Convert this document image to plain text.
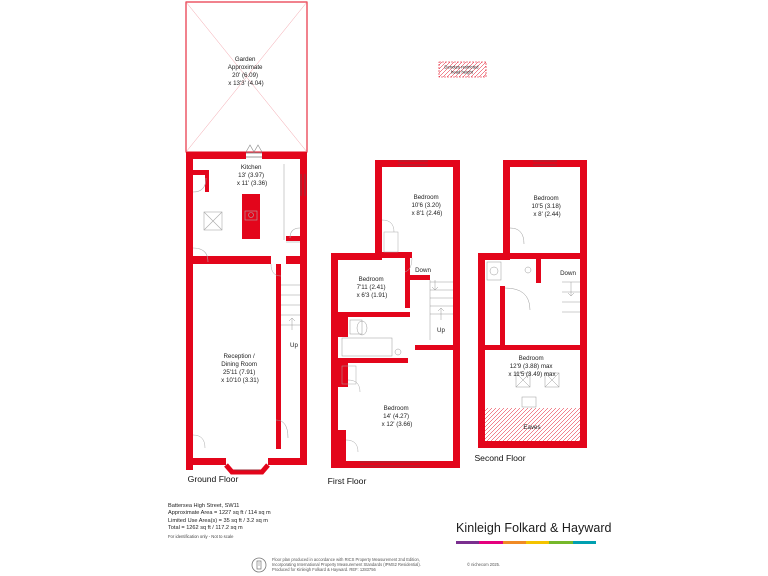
Garden Approximate 20' (6.09) x 13'3' (4.04)
Kitchen 13' (3.97) x 11' (3.36)
Reception / Dining Room 25'11 (7.91) x 10'10 (3.31)
Up
Ground Floor
Bedroom 10'6 (3.20) x 8'1 (2.46)
Bedroom 7'11 (2.41) x 6'3 (1.91)
Bedroom 14' (4.27) x 12' (3.66)
Down
Up
First Floor
Bedroom 10'5 (3.18) x 8' (2.44)
Bedroom 12'9 (3.88) max x 11'5 (3.49) max
Down
Eaves
Second Floor
Denotes restricted head height
Battersea High Street, SW11
Approximate Area = 1227 sq ft / 114 sq m
Limited Use Area(s) = 35 sq ft / 3.2 sq m
Total = 1262 sq ft / 117.2 sq m
For identification only - Not to scale
Kinleigh Folkard & Hayward
Floor plan produced in accordance with RICS Property Measurement 2nd Edition,
Incorporating International Property Measurement Standards (IPMS2 Residential).
Produced for Kinleigh Folkard & Hayward. REF: 1283756
© nichecom 2025.
